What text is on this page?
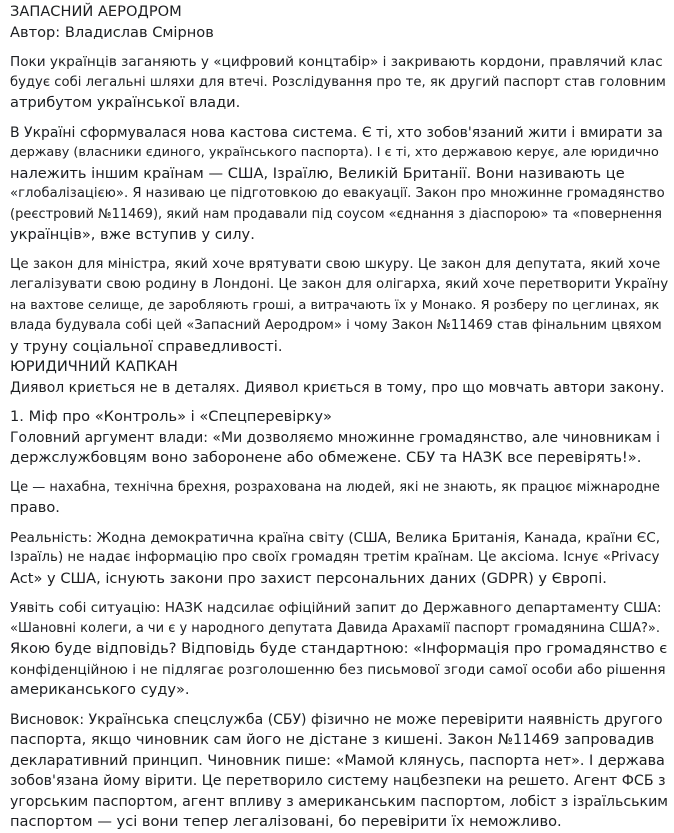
ЗАПАСНИЙ АЕРОДРОМ
Автор: Владислав Смірнов
Поки українців заганяють у «цифровий концтабір» і закривають кордони, правлячий клас
будує собі легальні шляхи для втечі. Розслідування про те, як другий паспорт став головним
атрибутом української влади.
В Україні сформувалася нова кастова система. Є ті, хто зобов'язаний жити і вмирати за
державу (власники єдиного, українського паспорта). І є ті, хто державою керує, але юридично
належить іншим країнам — США, Ізраїлю, Великій Британії. Вони називають це
«глобалізацією». Я називаю це підготовкою до евакуації. Закон про множинне громадянство
(реєстровий №11469), який нам продавали під соусом «єднання з діаспорою» та «повернення
українців», вже вступив у силу.
Це закон для міністра, який хоче врятувати свою шкуру. Це закон для депутата, який хоче
легалізувати свою родину в Лондоні. Це закон для олігарха, який хоче перетворити Україну
на вахтове селище, де заробляють гроші, а витрачають їх у Монако. Я розберу по цеглинах, як
влада будувала собі цей «Запасний Аеродром» і чому Закон №11469 став фінальним цвяхом
у труну соціальної справедливості.
ЮРИДИЧНИЙ КАПКАН
Диявол криється не в деталях. Диявол криється в тому, про що мовчать автори закону.
1. Міф про «Контроль» і «Спецперевірку»
Головний аргумент влади: «Ми дозволяємо множинне громадянство, але чиновникам і
держслужбовцям воно заборонене або обмежене. СБУ та НАЗК все перевірять!».
Це — нахабна, технічна брехня, розрахована на людей, які не знають, як працює міжнародне
право.
Реальність: Жодна демократична країна світу (США, Велика Британія, Канада, країни ЄС,
Ізраїль) не надає інформацію про своїх громадян третім країнам. Це аксіома. Існує «Privacy
Act» у США, існують закони про захист персональних даних (GDPR) у Європі.
Уявіть собі ситуацію: НАЗК надсилає офіційний запит до Державного департаменту США:
«Шановні колеги, а чи є у народного депутата Давида Арахамії паспорт громадянина США?».
Якою буде відповідь? Відповідь буде стандартною: «Інформація про громадянство є
конфіденційною і не підлягає розголошенню без письмової згоди самої особи або рішення
американського суду».
Висновок: Українська спецслужба (СБУ) фізично не може перевірити наявність другого
паспорта, якщо чиновник сам його не дістане з кишені. Закон №11469 запровадив
декларативний принцип. Чиновник пише: «Мамой клянусь, паспорта нет». І держава
зобов'язана йому вірити. Це перетворило систему нацбезпеки на решето. Агент ФСБ з
угорським паспортом, агент впливу з американським паспортом, лобіст з ізраїльським
паспортом — усі вони тепер легалізовані, бо перевірити їх неможливо.
